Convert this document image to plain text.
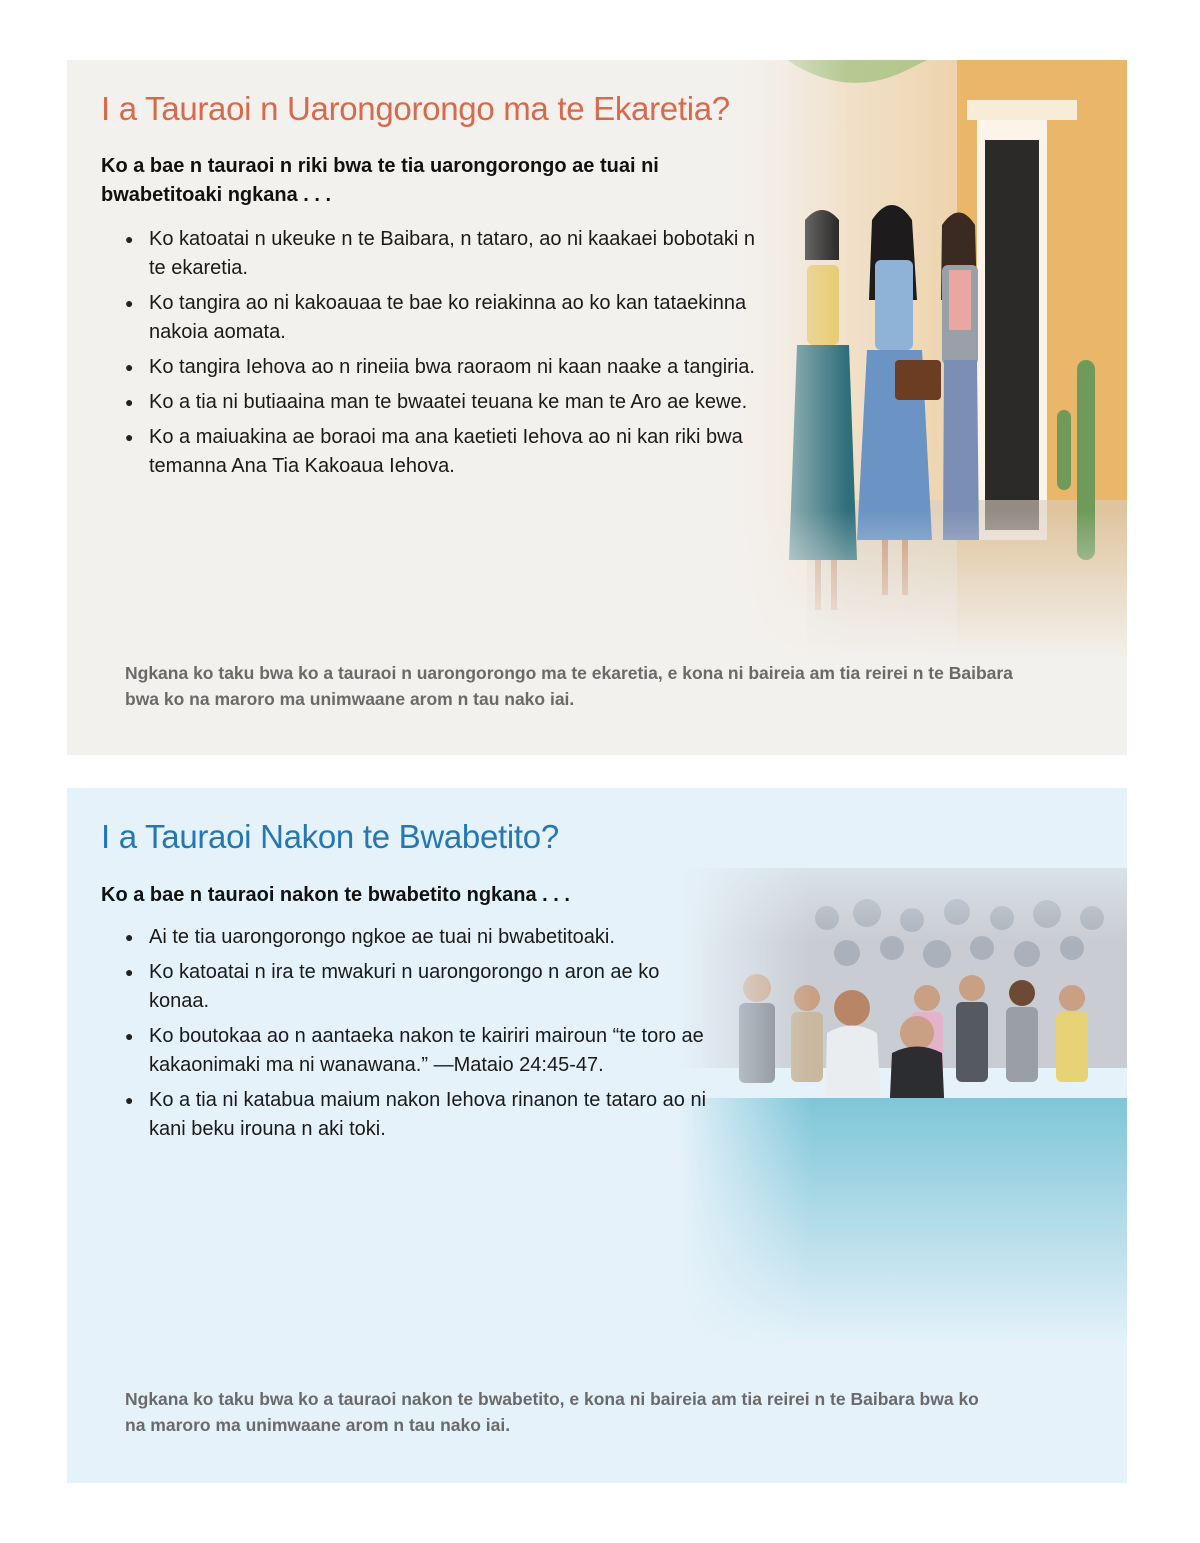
I a Tauraoi n Uarongorongo ma te Ekaretia?

Ko a bae n tauraoi n riki bwa te tia uarongorongo ae tuai ni bwabetitoaki ngkana . . .

● Ko katoatai n ukeuke n te Baibara, n tataro, ao ni kaakaei bobotaki n te ekaretia.
● Ko tangira ao ni kakoauaa te bae ko reiakinna ao ko kan tataekinna nakoia aomata.
● Ko tangira Iehova ao n rineiia bwa raoraom ni kaan naake a tangiria.
● Ko a tia ni butiaaina man te bwaatei teuana ke man te Aro ae kewe.
● Ko a maiuakina ae boraoi ma ana kaetieti Iehova ao ni kan riki bwa temanna Ana Tia Kakoaua Iehova.

Ngkana ko taku bwa ko a tauraoi n uarongorongo ma te ekaretia, e kona ni baireia am tia reirei n te Baibara bwa ko na maroro ma unimwaane arom n tau nako iai.

I a Tauraoi Nakon te Bwabetito?

Ko a bae n tauraoi nakon te bwabetito ngkana . . .

● Ai te tia uarongorongo ngkoe ae tuai ni bwabetitoaki.
● Ko katoatai n ira te mwakuri n uarongorongo n aron ae ko konaa.
● Ko boutokaa ao n aantaeka nakon te kairiri mairoun “te toro ae kakaonimaki ma ni wanawana.” —Mataio 24:45-47.
● Ko a tia ni katabua maium nakon Iehova rinanon te tataro ao ni kani beku irouna n aki toki.

Ngkana ko taku bwa ko a tauraoi nakon te bwabetito, e kona ni baireia am tia reirei n te Baibara bwa ko na maroro ma unimwaane arom n tau nako iai.
